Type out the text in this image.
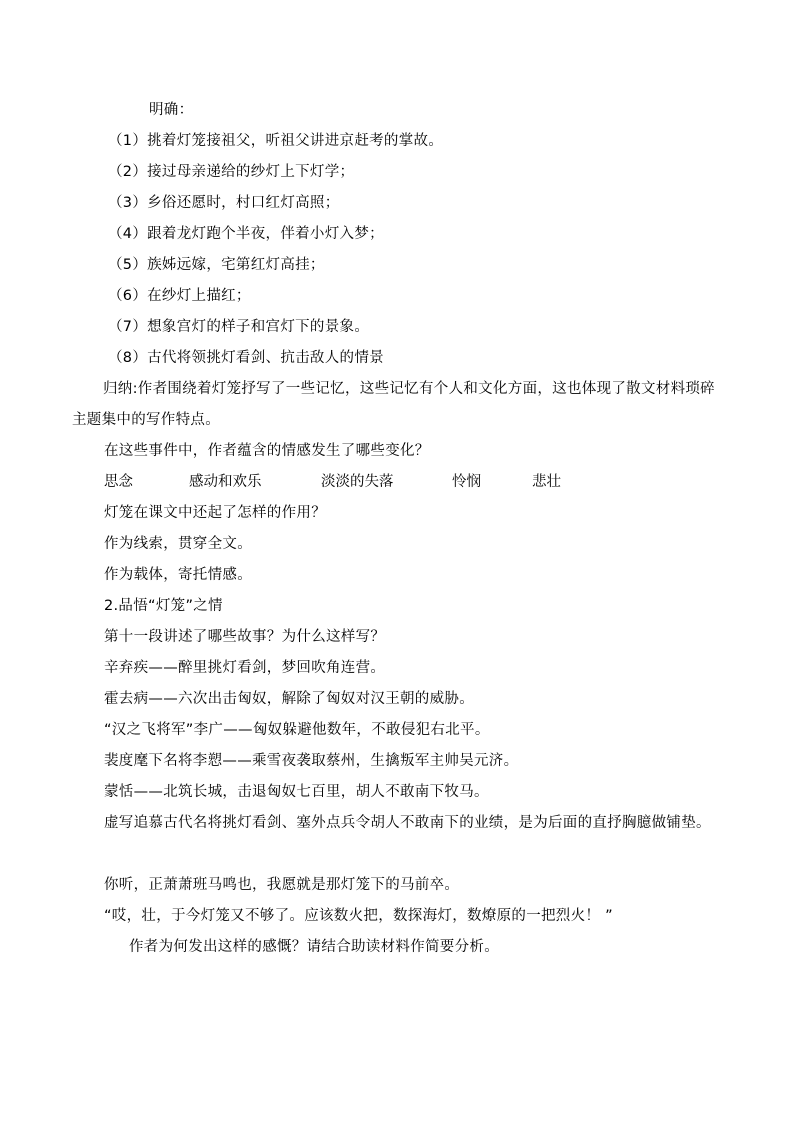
明确：
（1）挑着灯笼接祖父，听祖父讲进京赶考的掌故。
（2）接过母亲递给的纱灯上下灯学；
（3）乡俗还愿时，村口红灯高照；
（4）跟着龙灯跑个半夜，伴着小灯入梦；
（5）族姊远嫁，宅第红灯高挂；
（6）在纱灯上描红；
（7）想象宫灯的样子和宫灯下的景象。
（8）古代将领挑灯看剑、抗击敌人的情景
归纳:作者围绕着灯笼抒写了一些记忆，这些记忆有个人和文化方面，这也体现了散文材料琐碎主题集中的写作特点。
在这些事件中，作者蕴含的情感发生了哪些变化？
思念	感动和欢乐	淡淡的失落	怜悯	悲壮
灯笼在课文中还起了怎样的作用？
作为线索，贯穿全文。
作为载体，寄托情感。
2.品悟“灯笼”之情
第十一段讲述了哪些故事？为什么这样写？
辛弃疾——醉里挑灯看剑，梦回吹角连营。
霍去病——六次出击匈奴，解除了匈奴对汉王朝的威胁。
“汉之飞将军”李广——匈奴躲避他数年，不敢侵犯右北平。
裴度麾下名将李愬——乘雪夜袭取蔡州，生擒叛军主帅吴元济。
蒙恬——北筑长城，击退匈奴七百里，胡人不敢南下牧马。
虚写追慕古代名将挑灯看剑、塞外点兵令胡人不敢南下的业绩，是为后面的直抒胸臆做铺垫。
你听，正萧萧班马鸣也，我愿就是那灯笼下的马前卒。
“哎，壮，于今灯笼又不够了。应该数火把，数探海灯，数燎原的一把烈火！ ”
作者为何发出这样的感慨？请结合助读材料作简要分析。
